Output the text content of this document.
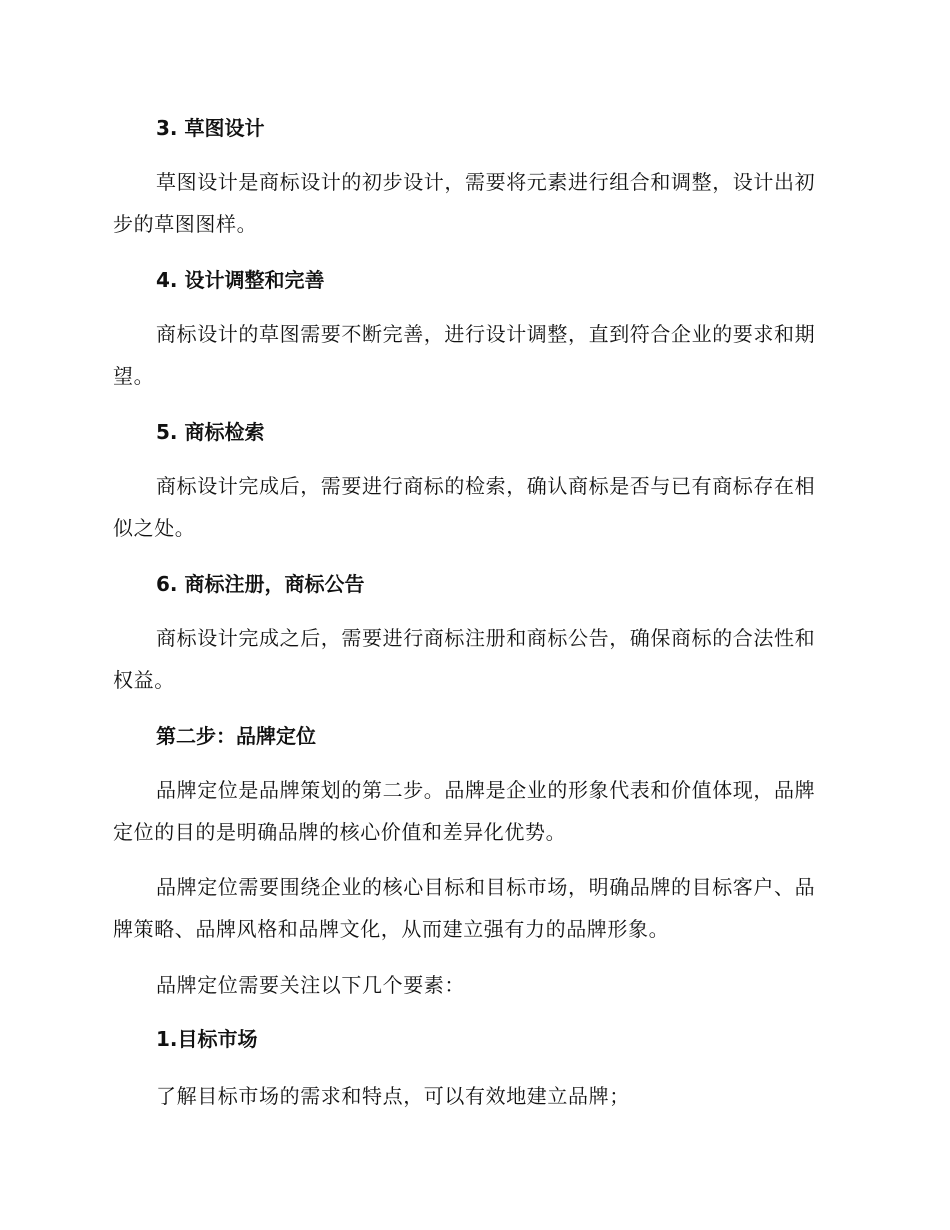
3. 草图设计

草图设计是商标设计的初步设计，需要将元素进行组合和调整，设计出初步的草图图样。

4. 设计调整和完善

商标设计的草图需要不断完善，进行设计调整，直到符合企业的要求和期望。

5. 商标检索

商标设计完成后，需要进行商标的检索，确认商标是否与已有商标存在相似之处。

6. 商标注册，商标公告

商标设计完成之后，需要进行商标注册和商标公告，确保商标的合法性和权益。

第二步：品牌定位

品牌定位是品牌策划的第二步。品牌是企业的形象代表和价值体现，品牌定位的目的是明确品牌的核心价值和差异化优势。

品牌定位需要围绕企业的核心目标和目标市场，明确品牌的目标客户、品牌策略、品牌风格和品牌文化，从而建立强有力的品牌形象。

品牌定位需要关注以下几个要素：
1.目标市场
了解目标市场的需求和特点，可以有效地建立品牌；
